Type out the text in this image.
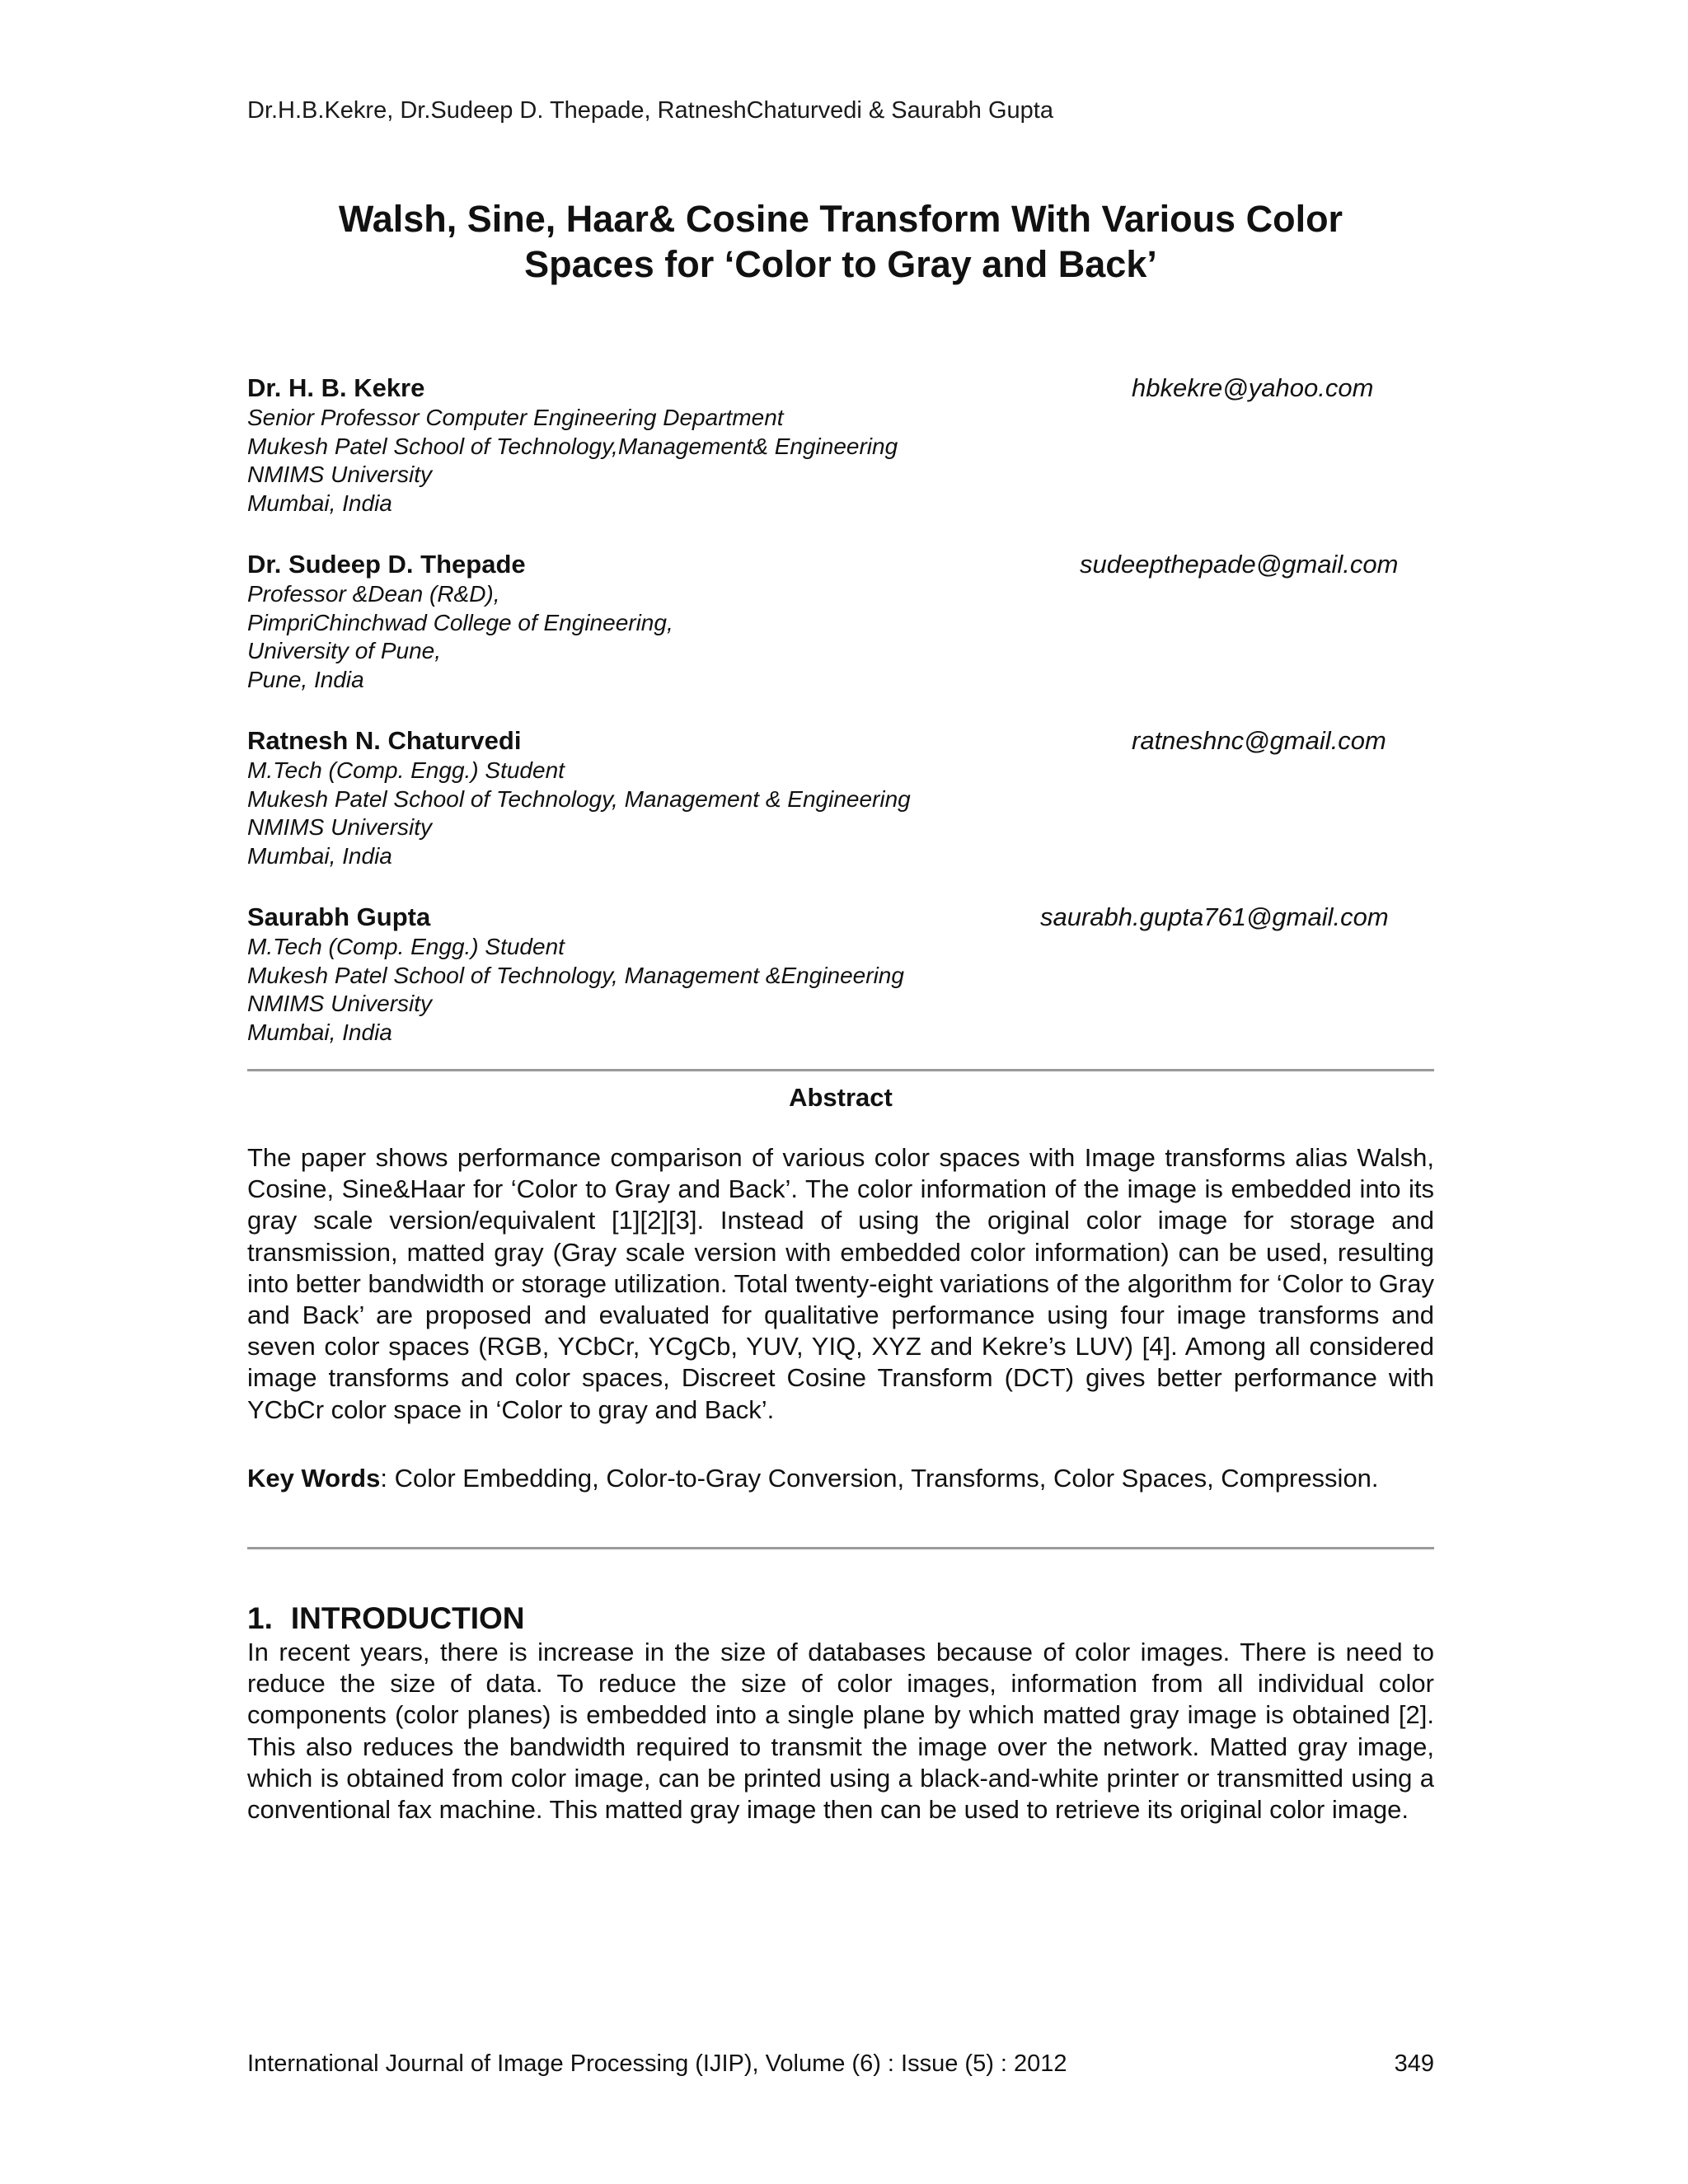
Dr.H.B.Kekre, Dr.Sudeep D. Thepade, RatneshChaturvedi & Saurabh Gupta
Walsh, Sine, Haar& Cosine Transform With Various Color
Spaces for ‘Color to Gray and Back’
Dr. H. B. Kekre	hbkekre@yahoo.com
Senior Professor Computer Engineering Department
Mukesh Patel School of Technology,Management& Engineering
NMIMS University
Mumbai, India
Dr. Sudeep D. Thepade	sudeepthepade@gmail.com
Professor &Dean (R&D),
PimpriChinchwad College of Engineering,
University of Pune,
Pune, India
Ratnesh N. Chaturvedi	ratneshnc@gmail.com
M.Tech (Comp. Engg.) Student
Mukesh Patel School of Technology, Management & Engineering
NMIMS University
Mumbai, India
Saurabh Gupta	saurabh.gupta761@gmail.com
M.Tech (Comp. Engg.) Student
Mukesh Patel School of Technology, Management &Engineering
NMIMS University
Mumbai, India
Abstract
The paper shows performance comparison of various color spaces with Image transforms alias Walsh, Cosine, Sine&Haar for ‘Color to Gray and Back’. The color information of the image is embedded into its gray scale version/equivalent [1][2][3]. Instead of using the original color image for storage and transmission, matted gray (Gray scale version with embedded color information) can be used, resulting into better bandwidth or storage utilization. Total twenty-eight variations of the algorithm for ‘Color to Gray and Back’ are proposed and evaluated for qualitative performance using four image transforms and seven color spaces (RGB, YCbCr, YCgCb, YUV, YIQ, XYZ and Kekre’s LUV) [4]. Among all considered image transforms and color spaces, Discreet Cosine Transform (DCT) gives better performance with YCbCr color space in ‘Color to gray and Back’.
Key Words: Color Embedding, Color-to-Gray Conversion, Transforms, Color Spaces, Compression.
1. INTRODUCTION
In recent years, there is increase in the size of databases because of color images. There is need to reduce the size of data. To reduce the size of color images, information from all individual color components (color planes) is embedded into a single plane by which matted gray image is obtained [2]. This also reduces the bandwidth required to transmit the image over the network. Matted gray image, which is obtained from color image, can be printed using a black-and-white printer or transmitted using a conventional fax machine. This matted gray image then can be used to retrieve its original color image.
International Journal of Image Processing (IJIP), Volume (6) : Issue (5) : 2012	349
